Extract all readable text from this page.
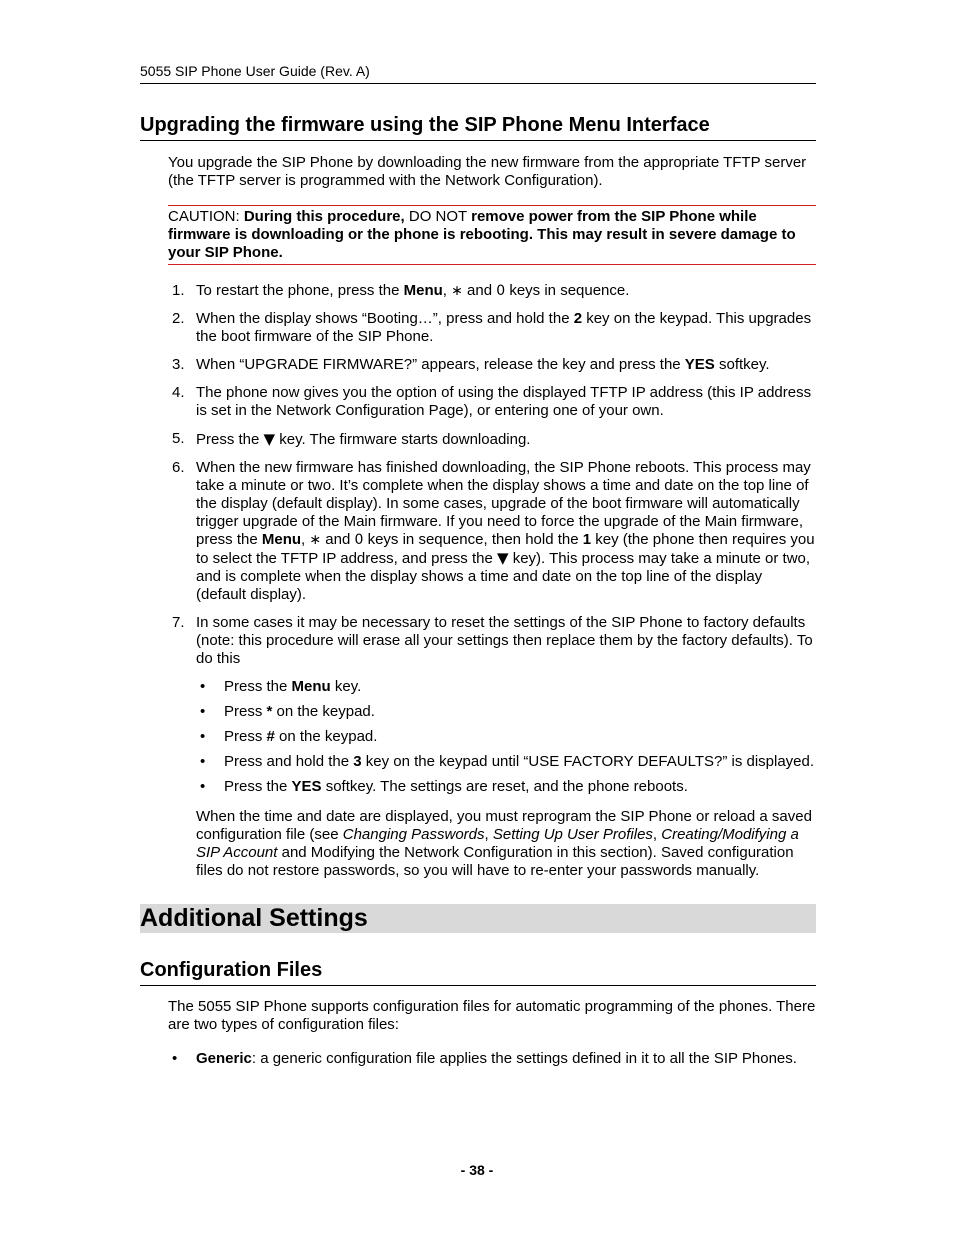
5055 SIP Phone User Guide (Rev. A)
Upgrading the firmware using the SIP Phone Menu Interface

You upgrade the SIP Phone by downloading the new firmware from the appropriate TFTP server (the TFTP server is programmed with the Network Configuration).

CAUTION: During this procedure, DO NOT remove power from the SIP Phone while firmware is downloading or the phone is rebooting. This may result in severe damage to your SIP Phone.
1. To restart the phone, press the Menu, ∗ and 0 keys in sequence.
2. When the display shows “Booting…”, press and hold the 2 key on the keypad. This upgrades the boot firmware of the SIP Phone.
3. When “UPGRADE FIRMWARE?” appears, release the key and press the YES softkey.
4. The phone now gives you the option of using the displayed TFTP IP address (this IP address is set in the Network Configuration Page), or entering one of your own.
5. Press the ▼ key. The firmware starts downloading.
6. When the new firmware has finished downloading, the SIP Phone reboots. This process may take a minute or two. It’s complete when the display shows a time and date on the top line of the display (default display). In some cases, upgrade of the boot firmware will automatically trigger upgrade of the Main firmware. If you need to force the upgrade of the Main firmware, press the Menu, ∗ and 0 keys in sequence, then hold the 1 key (the phone then requires you to select the TFTP IP address, and press the ▼ key). This process may take a minute or two, and is complete when the display shows a time and date on the top line of the display (default display).
7. In some cases it may be necessary to reset the settings of the SIP Phone to factory defaults (note: this procedure will erase all your settings then replace them by the factory defaults). To do this
• Press the Menu key.
• Press * on the keypad.
• Press # on the keypad.
• Press and hold the 3 key on the keypad until “USE FACTORY DEFAULTS?” is displayed.
• Press the YES softkey. The settings are reset, and the phone reboots.

When the time and date are displayed, you must reprogram the SIP Phone or reload a saved configuration file (see Changing Passwords, Setting Up User Profiles, Creating/Modifying a SIP Account and Modifying the Network Configuration in this section). Saved configuration files do not restore passwords, so you will have to re-enter your passwords manually.

Additional Settings
Configuration Files

The 5055 SIP Phone supports configuration files for automatic programming of the phones. There are two types of configuration files:

• Generic: a generic configuration file applies the settings defined in it to all the SIP Phones.
- 38 -
